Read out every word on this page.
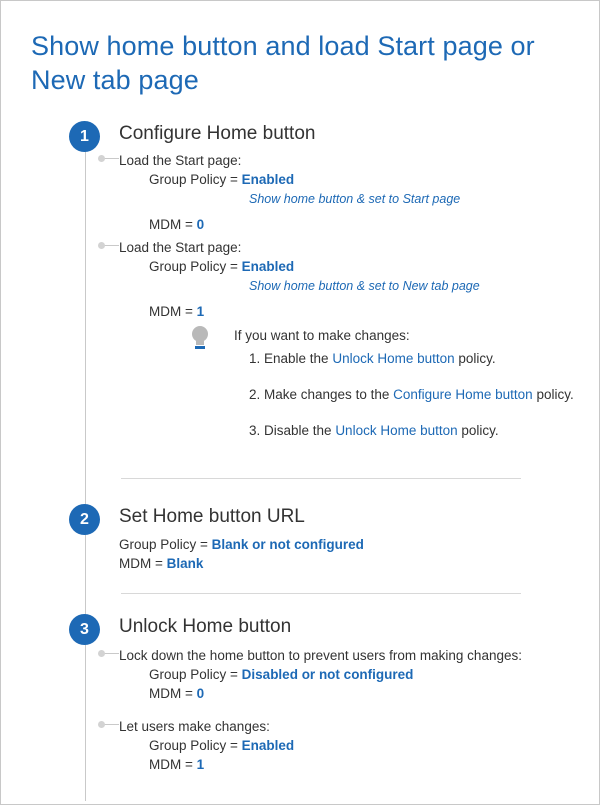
Show home button and load Start page or New tab page
1	Configure Home button
Load the Start page:
Group Policy = Enabled
Show home button & set to Start page
MDM = 0
Load the Start page:
Group Policy = Enabled
Show home button & set to New tab page
MDM = 1
If you want to make changes:
1. Enable the Unlock Home button policy.
2. Make changes to the Configure Home button policy.
3. Disable the Unlock Home button policy.
2	Set Home button URL
Group Policy = Blank or not configured
MDM = Blank
3	Unlock Home button
Lock down the home button to prevent users from making changes:
Group Policy = Disabled or not configured
MDM = 0
Let users make changes:
Group Policy = Enabled
MDM = 1
